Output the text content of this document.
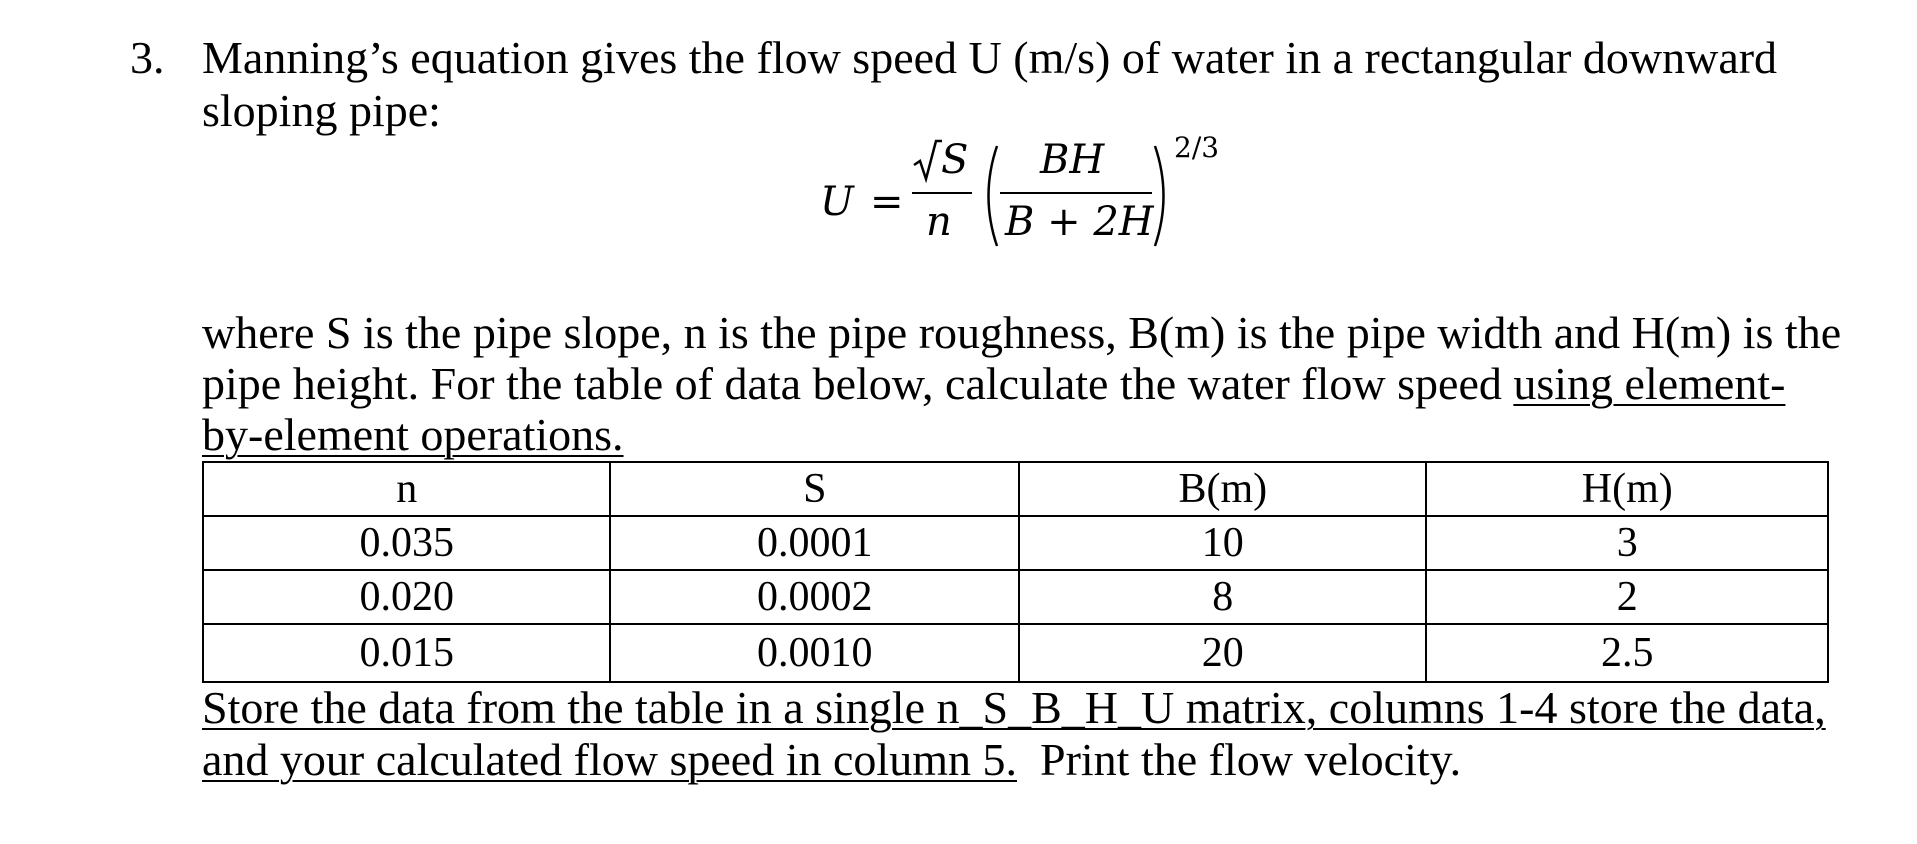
3. Manning’s equation gives the flow speed U (m/s) of water in a rectangular downward
sloping pipe:
U =
S
n
BH
B + 2H
2/3
where S is the pipe slope, n is the pipe roughness, B(m) is the pipe width and H(m) is the
pipe height. For the table of data below, calculate the water flow speed using element-
by-element operations.
n	S	B(m)	H(m)
0.035	0.0001	10	3
0.020	0.0002	8	2
0.015	0.0010	20	2.5
Store the data from the table in a single n_S_B_H_U matrix, columns 1-4 store the data,
and your calculated flow speed in column 5.  Print the flow velocity.
